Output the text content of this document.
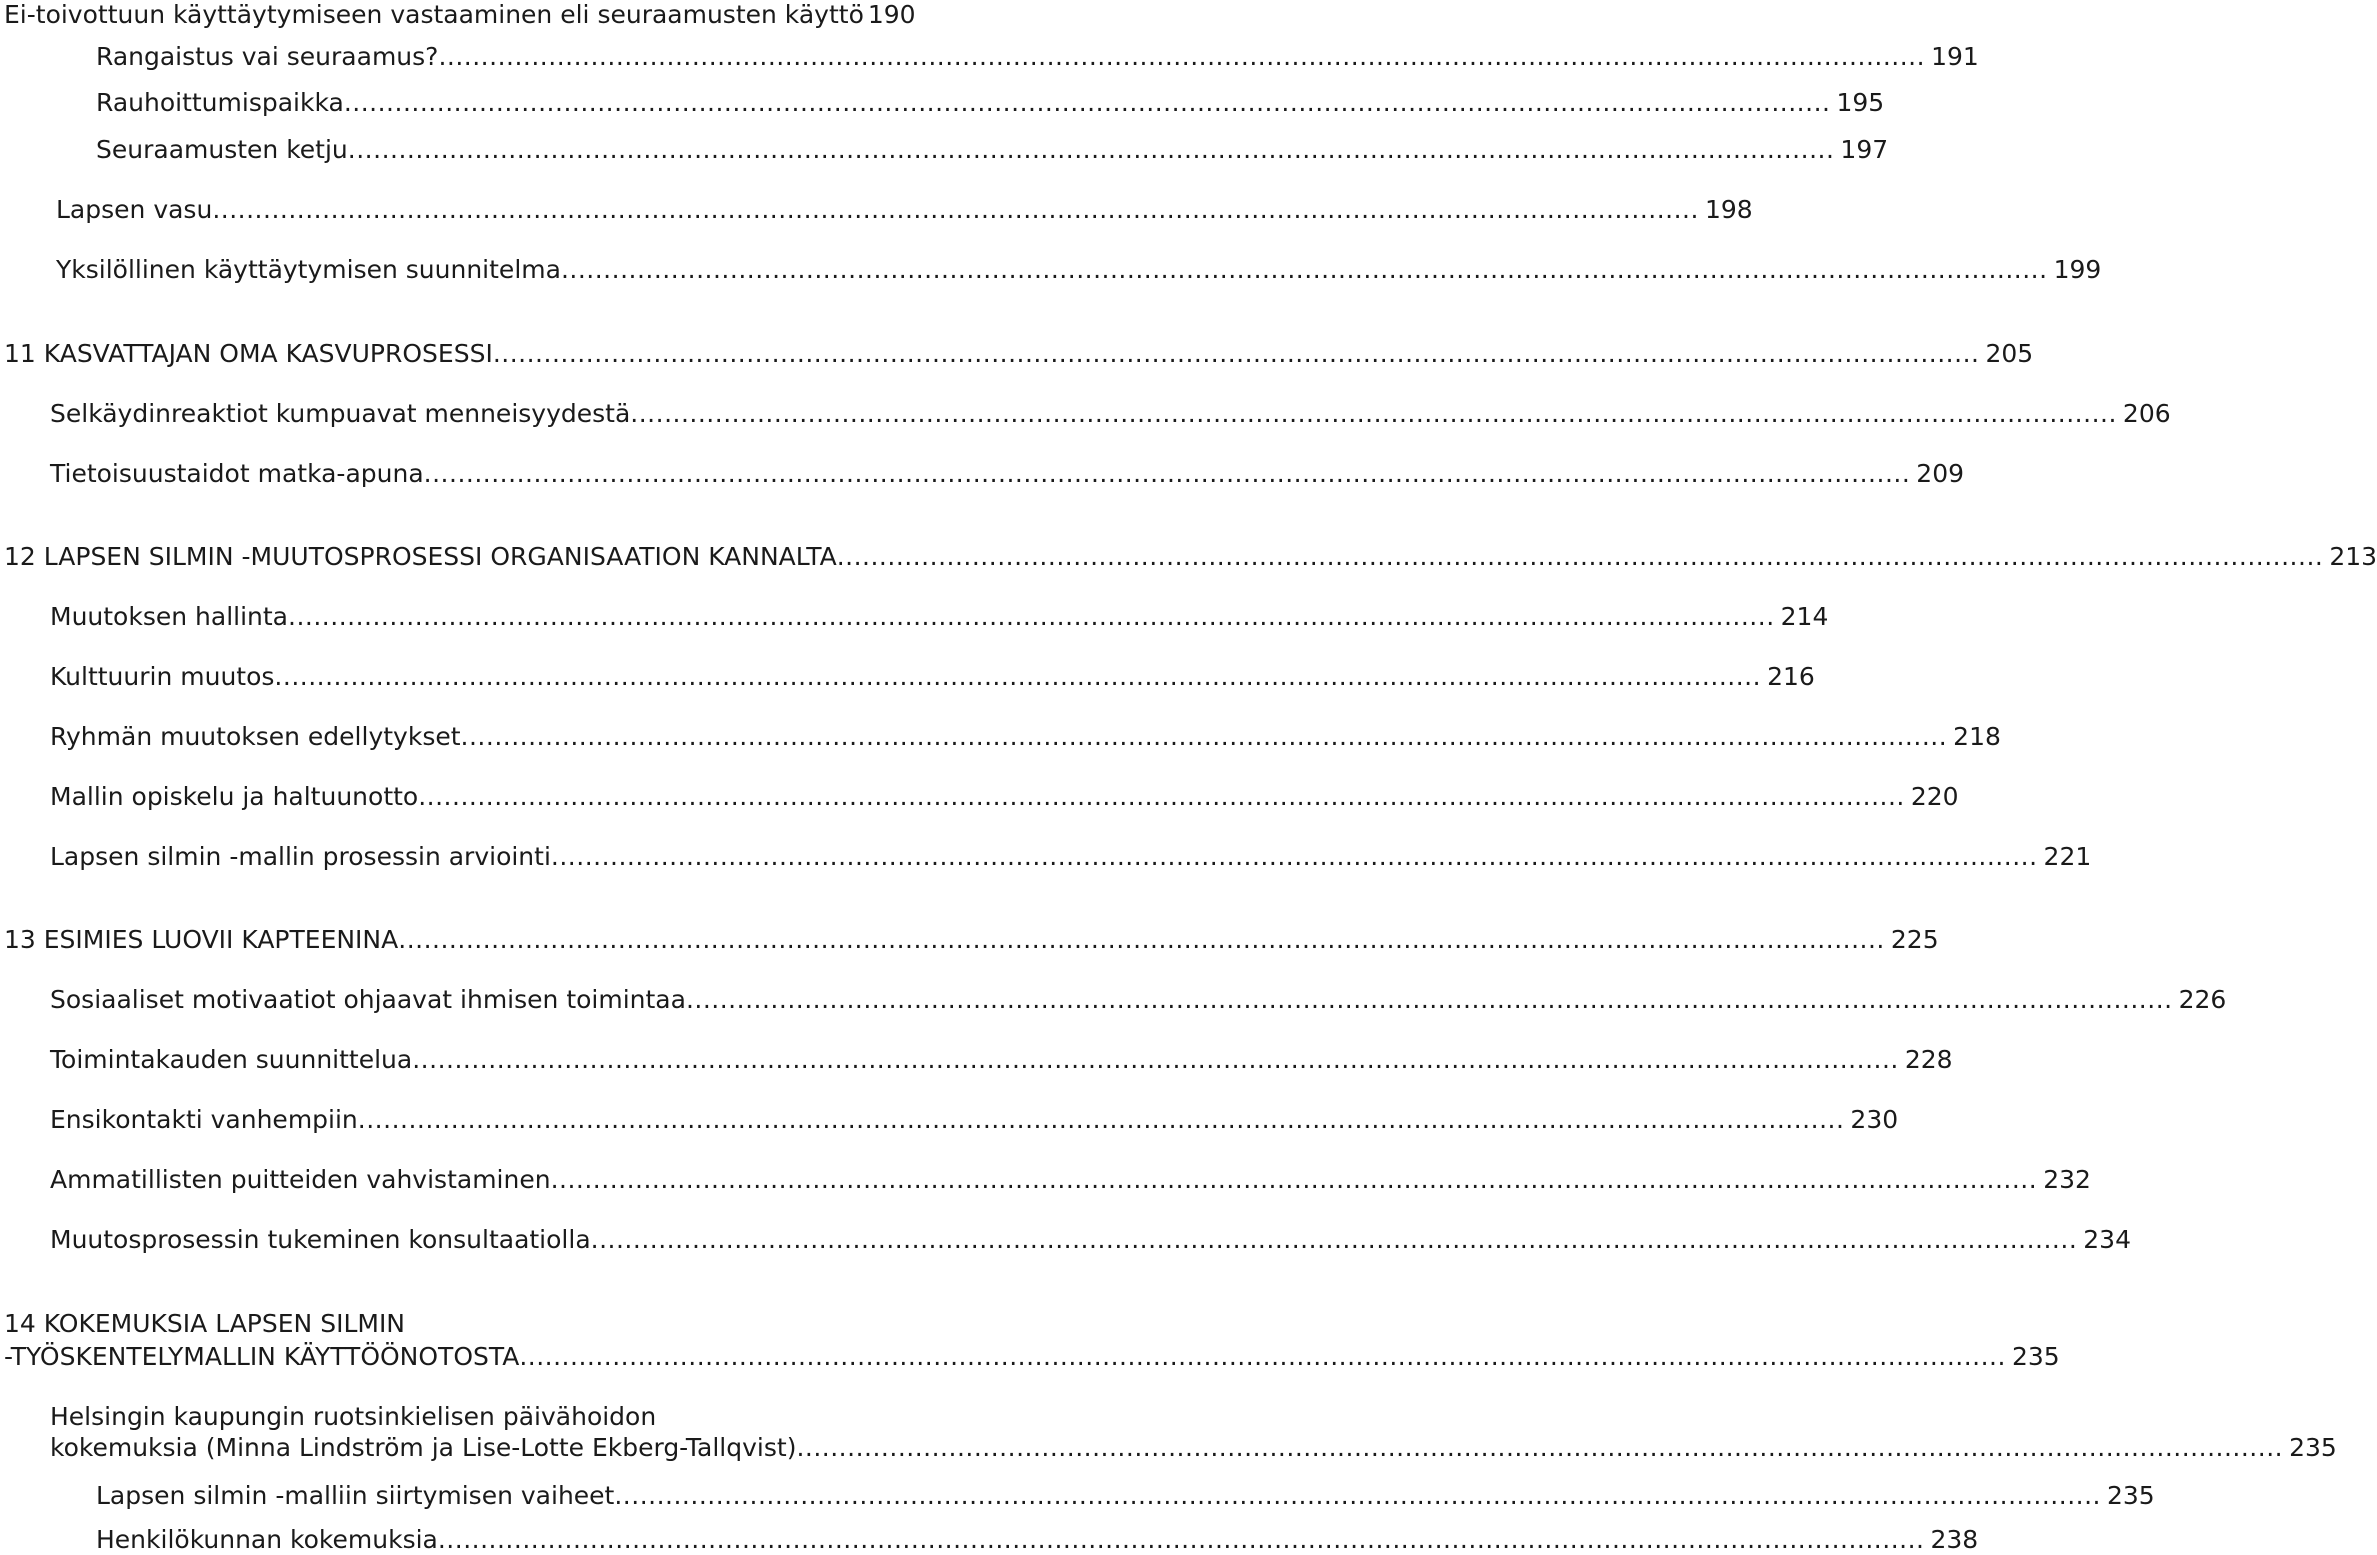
Ei-toivottuun käyttäytymiseen vastaaminen eli seuraamusten käyttö 190
Rangaistus vai seuraamus? ................................................................................................................................................................................ 191
Rauhoittumispaikka ................................................................................................................................................................................ 195
Seuraamusten ketju ................................................................................................................................................................................ 197
Lapsen vasu ................................................................................................................................................................................ 198
Yksilöllinen käyttäytymisen suunnitelma ................................................................................................................................................................................ 199
11 KASVATTAJAN OMA KASVUPROSESSI ................................................................................................................................................................................ 205
Selkäydinreaktiot kumpuavat menneisyydestä ................................................................................................................................................................................ 206
Tietoisuustaidot matka-apuna ................................................................................................................................................................................ 209
12 LAPSEN SILMIN -MUUTOSPROSESSI ORGANISAATION KANNALTA ................................................................................................................................................................................ 213
Muutoksen hallinta ................................................................................................................................................................................ 214
Kulttuurin muutos ................................................................................................................................................................................ 216
Ryhmän muutoksen edellytykset ................................................................................................................................................................................ 218
Mallin opiskelu ja haltuunotto ................................................................................................................................................................................ 220
Lapsen silmin -mallin prosessin arviointi ................................................................................................................................................................................ 221
13 ESIMIES LUOVII KAPTEENINA ................................................................................................................................................................................ 225
Sosiaaliset motivaatiot ohjaavat ihmisen toimintaa ................................................................................................................................................................................ 226
Toimintakauden suunnittelua ................................................................................................................................................................................ 228
Ensikontakti vanhempiin ................................................................................................................................................................................ 230
Ammatillisten puitteiden vahvistaminen ................................................................................................................................................................................ 232
Muutosprosessin tukeminen konsultaatiolla ................................................................................................................................................................................ 234
14 KOKEMUKSIA LAPSEN SILMIN
-TYÖSKENTELYMALLIN KÄYTTÖÖNOTOSTA ................................................................................................................................................................................ 235
Helsingin kaupungin ruotsinkielisen päivähoidon
kokemuksia (Minna Lindström ja Lise-Lotte Ekberg-Tallqvist) ................................................................................................................................................................................ 235
Lapsen silmin -malliin siirtymisen vaiheet ................................................................................................................................................................................ 235
Henkilökunnan kokemuksia ................................................................................................................................................................................ 238
